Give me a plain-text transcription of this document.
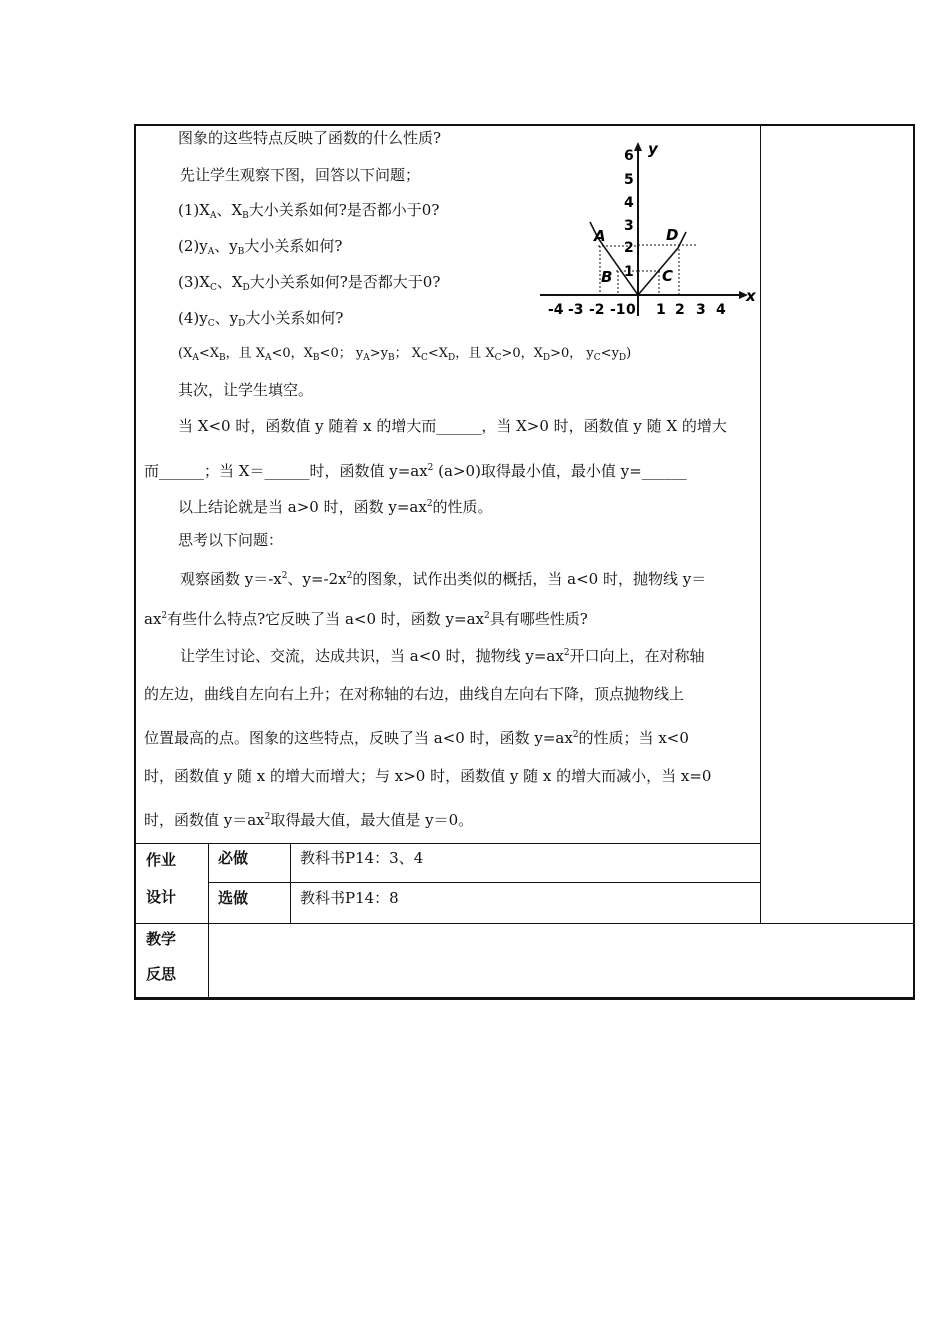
图象的这些特点反映了函数的什么性质?
先让学生观察下图，回答以下问题；
$(1)X_A$、$X_B$大小关系如何?是否都小于0?
$(2)y_A$、$y_B$大小关系如何?
$(3)X_C$、$X_D$大小关系如何?是否都大于0?
$(4)y_C$、$y_D$大小关系如何?
($X_A<X_B$，且 $X_A<0$，$X_B<0$； $y_A>y_B$； $X_C<X_D$，且 $X_C>0$，$X_D>0$， $y_C<y_D$)
其次，让学生填空。
当 X<0 时，函数值 y 随着 x 的增大而______，当 X>0 时，函数值 y 随 X 的增大
而______；当 X＝______时，函数值 $y=ax^2$ (a>0)取得最小值，最小值 y=______
以上结论就是当 a>0 时，函数 $y=ax^2$的性质。
思考以下问题：
观察函数 $y=-x^2$、$y=-2x^2$的图象，试作出类似的概括，当 a<0 时，抛物线 y＝
$ax^2$有些什么特点?它反映了当 a<0 时，函数 $y=ax^2$具有哪些性质?
让学生讨论、交流，达成共识，当 a<0 时，抛物线 $y=ax^2$开口向上，在对称轴
的左边，曲线自左向右上升；在对称轴的右边，曲线自左向右下降，顶点抛物线上
位置最高的点。图象的这些特点，反映了当 a<0 时，函数 $y=ax^2$的性质；当 x<0
时，函数值 y 随 x 的增大而增大；与 x>0 时，函数值 y 随 x 的增大而减小，当 x=0
时，函数值 $y=ax^2$取得最大值，最大值是 y＝0。
x
y
-4 -3 -2 -1 0 1 2 3 4
1
2
3
4
5
6
A
B	C
D
作业
设计
必做	教科书P14：3、4
选做	教科书P14：8
教学
反思
